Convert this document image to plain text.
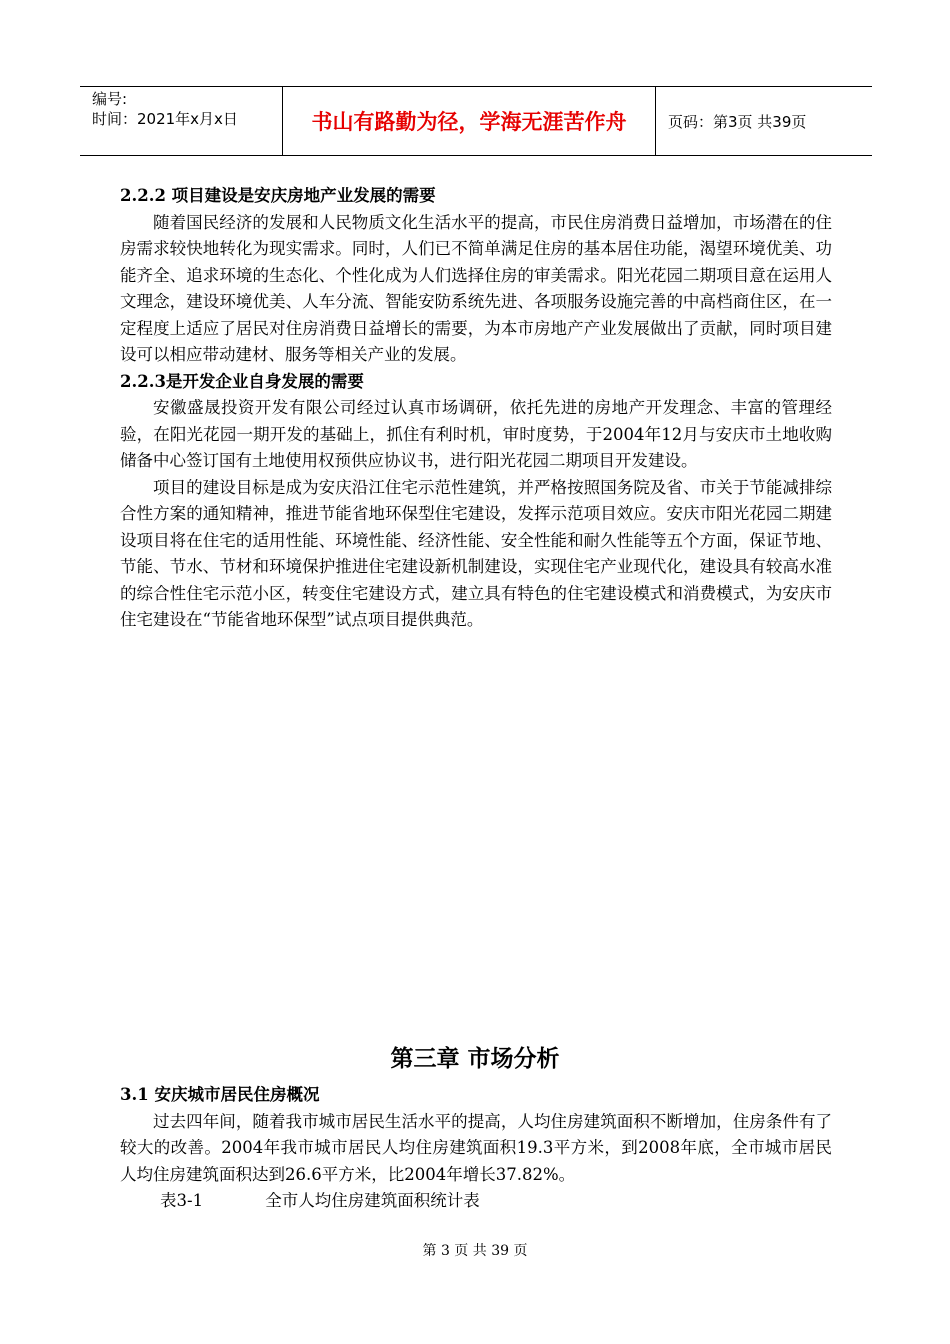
编号:
时间：2021年x月x日	书山有路勤为径，学海无涯苦作舟	页码：第3页 共39页

2.2.2 项目建设是安庆房地产业发展的需要

随着国民经济的发展和人民物质文化生活水平的提高，市民住房消费日益增加，市场潜在的住房需求较快地转化为现实需求。同时，人们已不简单满足住房的基本居住功能，渴望环境优美、功能齐全、追求环境的生态化、个性化成为人们选择住房的审美需求。阳光花园二期项目意在运用人文理念，建设环境优美、人车分流、智能安防系统先进、各项服务设施完善的中高档商住区，在一定程度上适应了居民对住房消费日益增长的需要，为本市房地产产业发展做出了贡献，同时项目建设可以相应带动建材、服务等相关产业的发展。

2.2.3是开发企业自身发展的需要

安徽盛晟投资开发有限公司经过认真市场调研，依托先进的房地产开发理念、丰富的管理经验，在阳光花园一期开发的基础上，抓住有利时机，审时度势，于2004年12月与安庆市土地收购储备中心签订国有土地使用权预供应协议书，进行阳光花园二期项目开发建设。

项目的建设目标是成为安庆沿江住宅示范性建筑，并严格按照国务院及省、市关于节能减排综合性方案的通知精神，推进节能省地环保型住宅建设，发挥示范项目效应。安庆市阳光花园二期建设项目将在住宅的适用性能、环境性能、经济性能、安全性能和耐久性能等五个方面，保证节地、节能、节水、节材和环境保护推进住宅建设新机制建设，实现住宅产业现代化，建设具有较高水准的综合性住宅示范小区，转变住宅建设方式，建立具有特色的住宅建设模式和消费模式，为安庆市住宅建设在“节能省地环保型”试点项目提供典范。

第三章 市场分析

3.1 安庆城市居民住房概况

过去四年间，随着我市城市居民生活水平的提高，人均住房建筑面积不断增加，住房条件有了较大的改善。2004年我市城市居民人均住房建筑面积19.3平方米，到2008年底，全市城市居民人均住房建筑面积达到26.6平方米，比2004年增长37.82%。

表3-1	全市人均住房建筑面积统计表

第 3 页 共 39 页
